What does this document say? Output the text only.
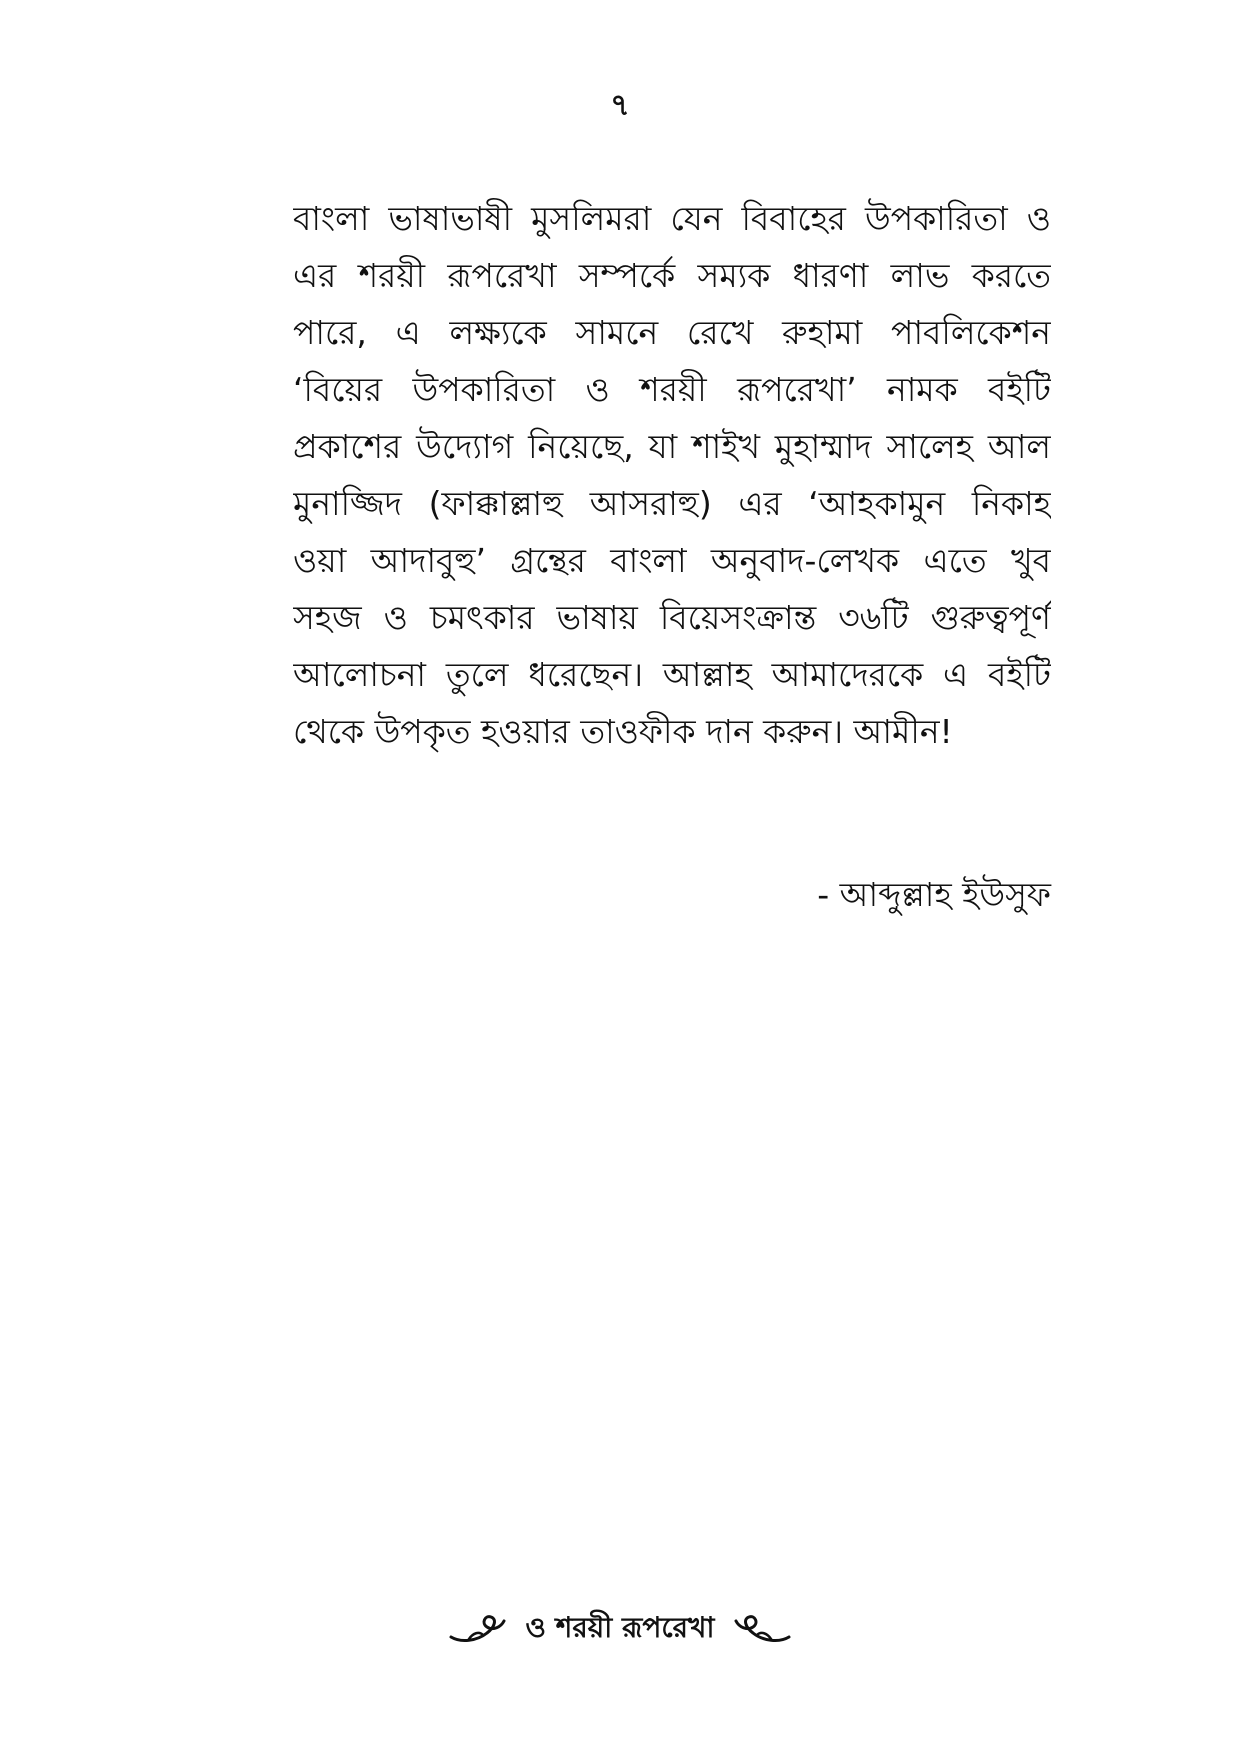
৭
বাংলা ভাষাভাষী মুসলিমরা যেন বিবাহের উপকারিতা ও
এর শরয়ী রূপরেখা সম্পর্কে সম্যক ধারণা লাভ করতে
পারে, এ লক্ষ্যকে সামনে রেখে রুহামা পাবলিকেশন
‘বিয়ের উপকারিতা ও শরয়ী রূপরেখা’ নামক বইটি
প্রকাশের উদ্যোগ নিয়েছে, যা শাইখ মুহাম্মাদ সালেহ আল
মুনাজ্জিদ (ফাক্কাল্লাহু আসরাহু) এর ‘আহকামুন নিকাহ
ওয়া আদাবুহু’ গ্রন্থের বাংলা অনুবাদ-লেখক এতে খুব
সহজ ও চমৎকার ভাষায় বিয়েসংক্রান্ত ৩৬টি গুরুত্বপূর্ণ
আলোচনা তুলে ধরেছেন। আল্লাহ আমাদেরকে এ বইটি
থেকে উপকৃত হওয়ার তাওফীক দান করুন। আমীন!
- আব্দুল্লাহ ইউসুফ
ও শরয়ী রূপরেখা
